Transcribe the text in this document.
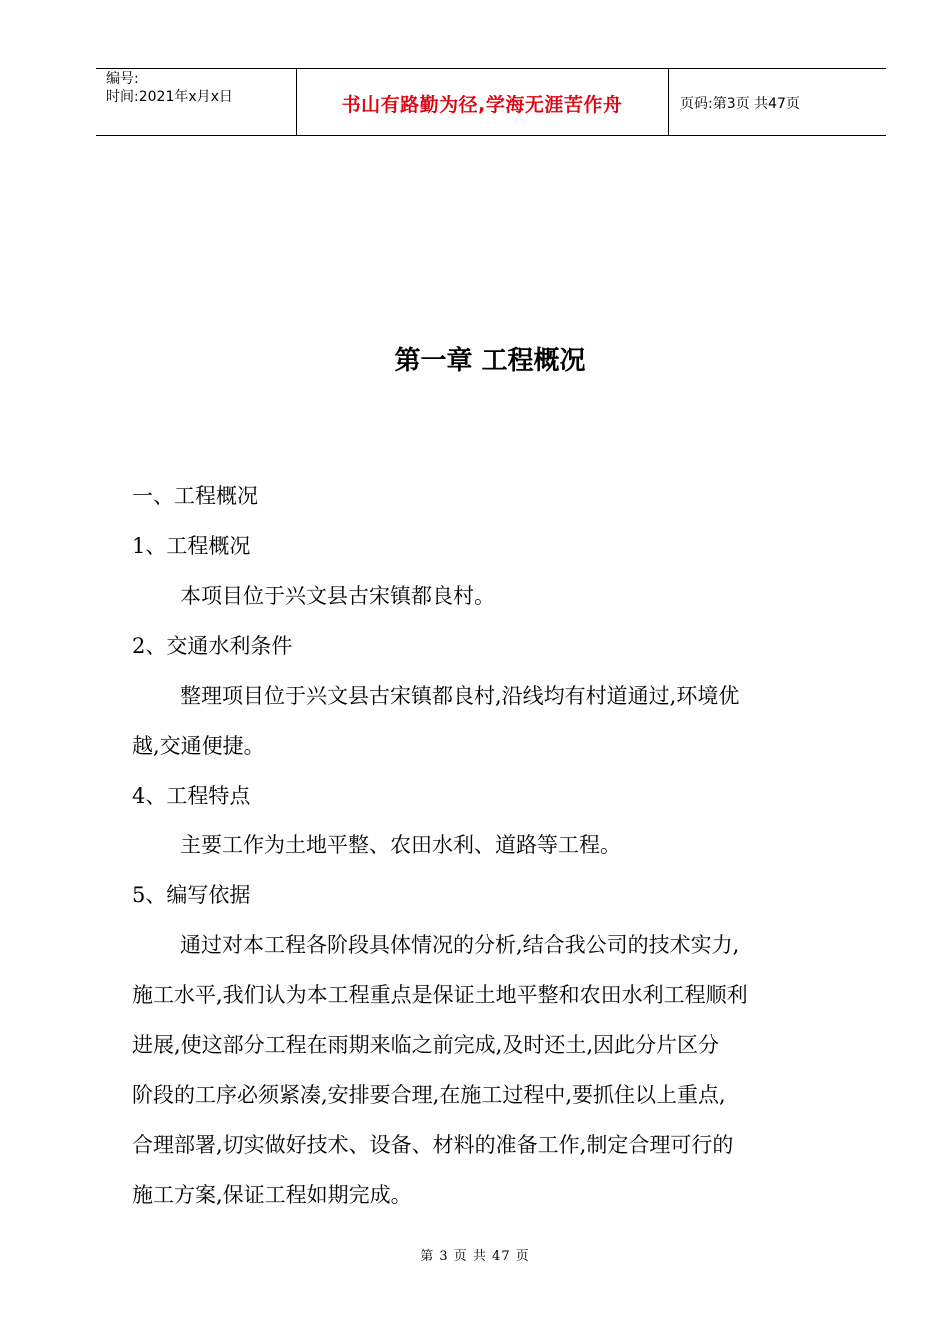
编号:
时间:2021年x月x日	书山有路勤为径,学海无涯苦作舟	页码:第3页 共47页
第一章 工程概况
一、工程概况
1、工程概况
本项目位于兴文县古宋镇都良村。
2、交通水利条件
整理项目位于兴文县古宋镇都良村,沿线均有村道通过,环境优
越,交通便捷。
4、工程特点
主要工作为土地平整、农田水利、道路等工程。
5、编写依据
通过对本工程各阶段具体情况的分析,结合我公司的技术实力,
施工水平,我们认为本工程重点是保证土地平整和农田水利工程顺利
进展,使这部分工程在雨期来临之前完成,及时还土,因此分片区分
阶段的工序必须紧凑,安排要合理,在施工过程中,要抓住以上重点,
合理部署,切实做好技术、设备、材料的准备工作,制定合理可行的
施工方案,保证工程如期完成。
第 3 页 共 47 页
